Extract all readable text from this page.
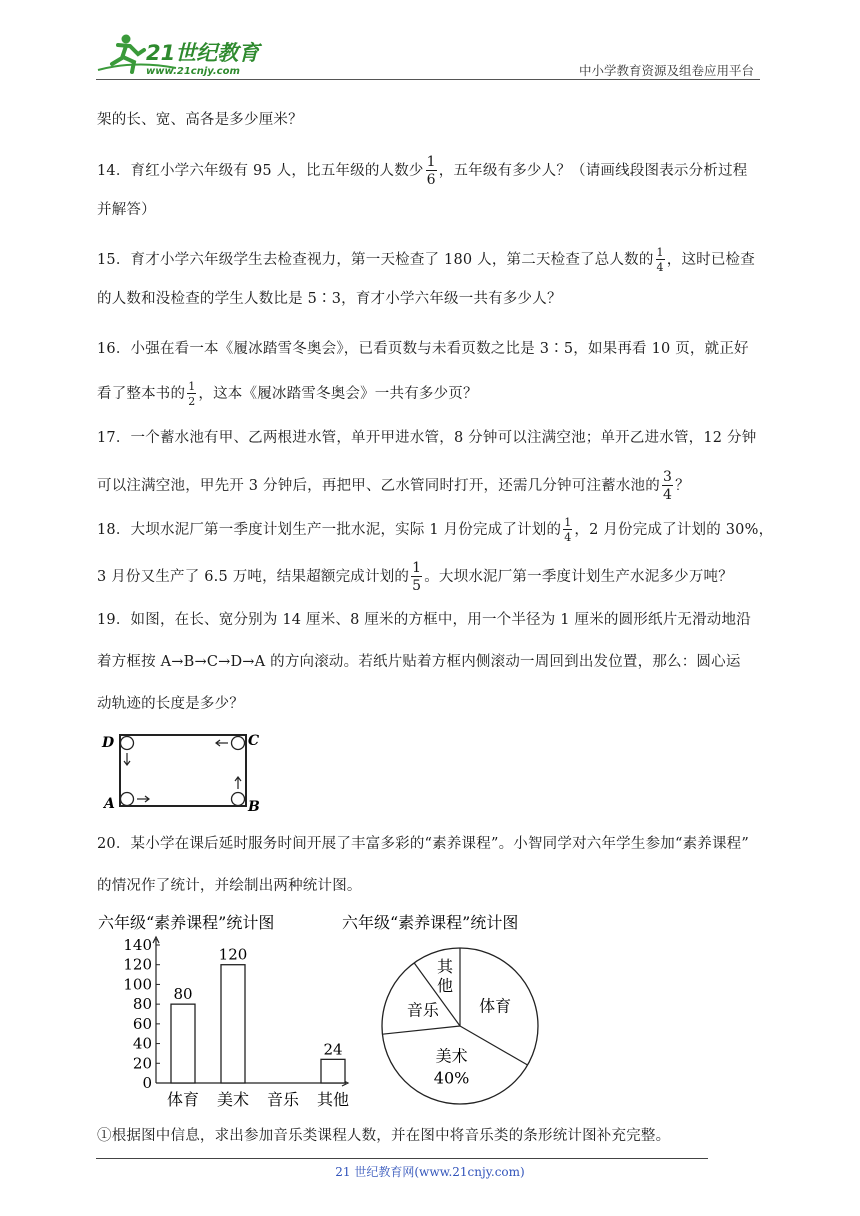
21世纪教育
www.21cnjy.com	中小学教育资源及组卷应用平台
架的长、宽、高各是多少厘米？
14．育红小学六年级有 95 人，比五年级的人数少 $\frac{1}{6}$ ，五年级有多少人？（请画线段图表示分析过程
并解答）
15．育才小学六年级学生去检查视力，第一天检查了 180 人，第二天检查了总人数的 $\frac{1}{4}$ ，这时已检查
的人数和没检查的学生人数比是 5∶3，育才小学六年级一共有多少人？
16．小强在看一本《履冰踏雪冬奥会》，已看页数与未看页数之比是 3∶5，如果再看 10 页，就正好
看了整本书的 $\frac{1}{2}$ ，这本《履冰踏雪冬奥会》一共有多少页？
17．一个蓄水池有甲、乙两根进水管，单开甲进水管，8 分钟可以注满空池；单开乙进水管，12 分钟
可以注满空池，甲先开 3 分钟后，再把甲、乙水管同时打开，还需几分钟可注蓄水池的 $\frac{3}{4}$ ？
18．大坝水泥厂第一季度计划生产一批水泥，实际 1 月份完成了计划的 $\frac{1}{4}$ ，2 月份完成了计划的 30%，
3 月份又生产了 6.5 万吨，结果超额完成计划的 $\frac{1}{5}$ 。大坝水泥厂第一季度计划生产水泥多少万吨？
19．如图，在长、宽分别为 14 厘米、8 厘米的方框中，用一个半径为 1 厘米的圆形纸片无滑动地沿
着方框按 A→B→C→D→A 的方向滚动。若纸片贴着方框内侧滚动一周回到出发位置，那么：圆心运
动轨迹的长度是多少？
D	C
A	B
20．某小学在课后延时服务时间开展了丰富多彩的“素养课程”。小智同学对六年学生参加“素养课程”
的情况作了统计，并绘制出两种统计图。
六年级“素养课程”统计图
0
20
40
60
80
100
120
140
80
120
24
体育 美术 音乐 其他
六年级“素养课程”统计图
体育
美术
40%
音乐
其
他
①根据图中信息，求出参加音乐类课程人数，并在图中将音乐类的条形统计图补充完整。
21 世纪教育网(www.21cnjy.com)
